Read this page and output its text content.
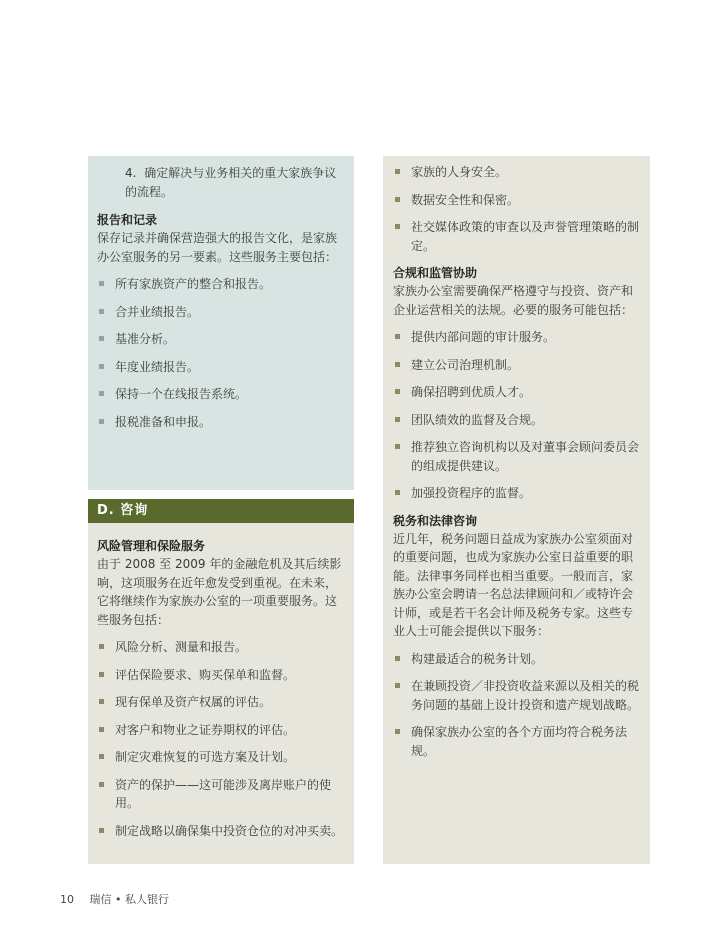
4. 确定解决与业务相关的重大家族争议的流程。
报告和记录
保存记录并确保营造强大的报告文化，是家族办公室服务的另一要素。这些服务主要包括：
所有家族资产的整合和报告。
合并业绩报告。
基准分析。
年度业绩报告。
保持一个在线报告系统。
报税准备和申报。
D. 咨询
风险管理和保险服务
由于 2008 至 2009 年的金融危机及其后续影响，这项服务在近年愈发受到重视。在未来，它将继续作为家族办公室的一项重要服务。这些服务包括：
风险分析、测量和报告。
评估保险要求、购买保单和监督。
现有保单及资产权属的评估。
对客户和物业之证券期权的评估。
制定灾难恢复的可选方案及计划。
资产的保护——这可能涉及离岸账户的使用。
制定战略以确保集中投资仓位的对冲买卖。
家族的人身安全。
数据安全性和保密。
社交媒体政策的审查以及声誉管理策略的制定。
合规和监管协助
家族办公室需要确保严格遵守与投资、资产和企业运营相关的法规。必要的服务可能包括：
提供内部问题的审计服务。
建立公司治理机制。
确保招聘到优质人才。
团队绩效的监督及合规。
推荐独立咨询机构以及对董事会顾问委员会的组成提供建议。
加强投资程序的监督。
税务和法律咨询
近几年，税务问题日益成为家族办公室须面对的重要问题，也成为家族办公室日益重要的职能。法律事务同样也相当重要。一般而言，家族办公室会聘请一名总法律顾问和／或特许会计师，或是若干名会计师及税务专家。这些专业人士可能会提供以下服务：
构建最适合的税务计划。
在兼顾投资／非投资收益来源以及相关的税务问题的基础上设计投资和遗产规划战略。
确保家族办公室的各个方面均符合税务法规。
10 瑞信 • 私人银行
